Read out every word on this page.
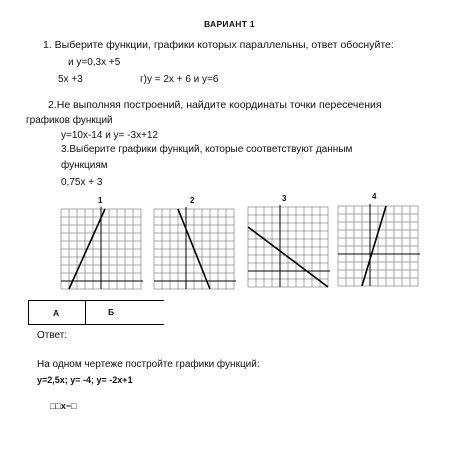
ВАРИАНТ 1
1. Выберите функции, графики которых параллельны, ответ обоснуйте:
и у=0,3х +5
5х +3	г)у = 2х + 6 и у=6
2.Не выполняя построений, найдите координаты точки пересечения
графиков функций
у=10х-14 и у= -3х+12
3.Выберите графики функций, которые соответствуют данным
функциям
0,75х + 3
1	2	3	4
А	Б
Ответ:
На одном чертеже постройте графики функций:
у=2,5х; у= -4; у= -2х+1
□□x−□
